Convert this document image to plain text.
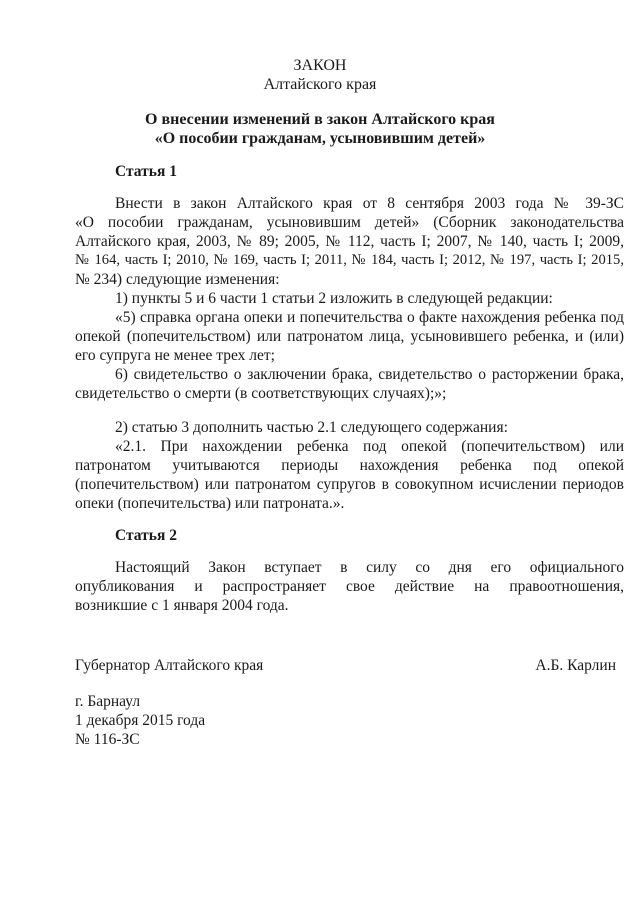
ЗАКОН
Алтайского края
О внесении изменений в закон Алтайского края
«О пособии гражданам, усыновившим детей»
Статья 1
Внести в закон Алтайского края от 8 сентября 2003 года № 39-ЗС
«О пособии гражданам, усыновившим детей» (Сборник законодательства
Алтайского края, 2003, № 89; 2005, № 112, часть I; 2007, № 140, часть I; 2009,
№ 164, часть I; 2010, № 169, часть I; 2011, № 184, часть I; 2012, № 197, часть I; 2015,
№ 234) следующие изменения:
1) пункты 5 и 6 части 1 статьи 2 изложить в следующей редакции:
«5) справка органа опеки и попечительства о факте нахождения ребенка под
опекой (попечительством) или патронатом лица, усыновившего ребенка, и (или)
его супруга не менее трех лет;
6) свидетельство о заключении брака, свидетельство о расторжении брака,
свидетельство о смерти (в соответствующих случаях);»;
2) статью 3 дополнить частью 2.1 следующего содержания:
«2.1. При нахождении ребенка под опекой (попечительством) или
патронатом учитываются периоды нахождения ребенка под опекой
(попечительством) или патронатом супругов в совокупном исчислении периодов
опеки (попечительства) или патроната.».
Статья 2
Настоящий Закон вступает в силу со дня его официального
опубликования и распространяет свое действие на правоотношения,
возникшие с 1 января 2004 года.
Губернатор Алтайского края	А.Б. Карлин
г. Барнаул
1 декабря 2015 года
№ 116-ЗС
